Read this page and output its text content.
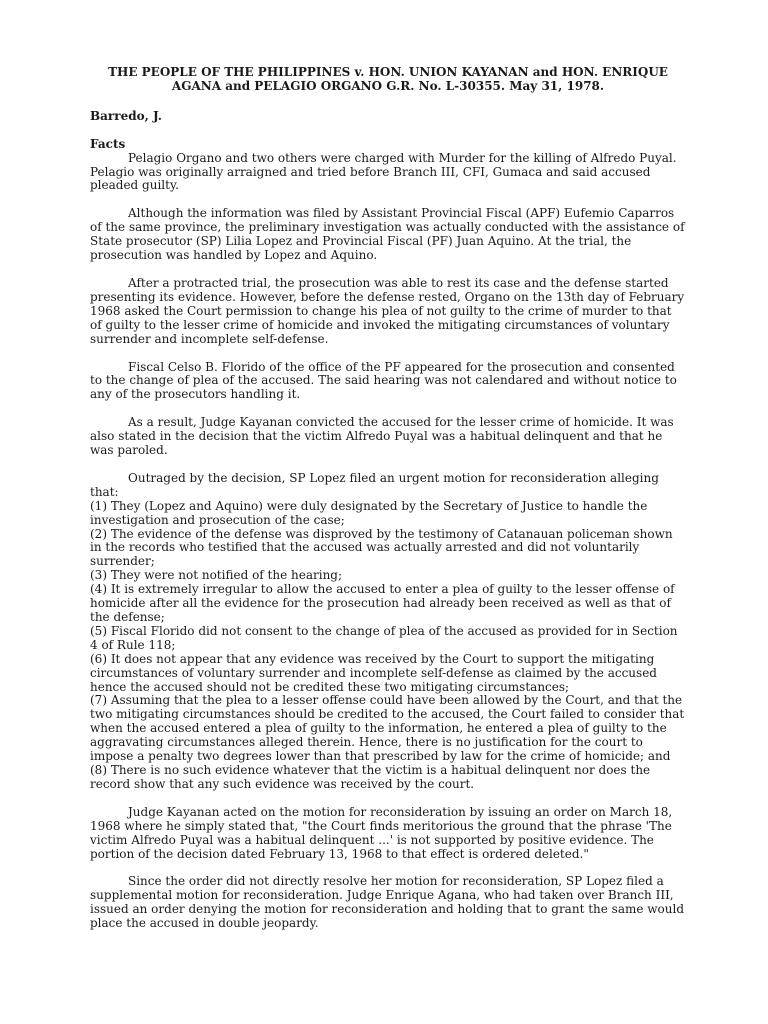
THE PEOPLE OF THE PHILIPPINES v. HON. UNION KAYANAN and HON. ENRIQUE AGANA and PELAGIO ORGANO G.R. No. L-30355. May 31, 1978.
Barredo, J.
Facts

Pelagio Organo and two others were charged with Murder for the killing of Alfredo Puyal. Pelagio was originally arraigned and tried before Branch III, CFI, Gumaca and said accused pleaded guilty.

Although the information was filed by Assistant Provincial Fiscal (APF) Eufemio Caparros of the same province, the preliminary investigation was actually conducted with the assistance of State prosecutor (SP) Lilia Lopez and Provincial Fiscal (PF) Juan Aquino. At the trial, the prosecution was handled by Lopez and Aquino.

After a protracted trial, the prosecution was able to rest its case and the defense started presenting its evidence. However, before the defense rested, Organo on the 13th day of February 1968 asked the Court permission to change his plea of not guilty to the crime of murder to that of guilty to the lesser crime of homicide and invoked the mitigating circumstances of voluntary surrender and incomplete self-defense.

Fiscal Celso B. Florido of the office of the PF appeared for the prosecution and consented to the change of plea of the accused. The said hearing was not calendared and without notice to any of the prosecutors handling it.

As a result, Judge Kayanan convicted the accused for the lesser crime of homicide. It was also stated in the decision that the victim Alfredo Puyal was a habitual delinquent and that he was paroled.

Outraged by the decision, SP Lopez filed an urgent motion for reconsideration alleging that:

(1) They (Lopez and Aquino) were duly designated by the Secretary of Justice to handle the investigation and prosecution of the case;
(2) The evidence of the defense was disproved by the testimony of Catanauan policeman shown in the records who testified that the accused was actually arrested and did not voluntarily surrender;
(3) They were not notified of the hearing;
(4) It is extremely irregular to allow the accused to enter a plea of guilty to the lesser offense of homicide after all the evidence for the prosecution had already been received as well as that of the defense;
(5) Fiscal Florido did not consent to the change of plea of the accused as provided for in Section 4 of Rule 118;
(6) It does not appear that any evidence was received by the Court to support the mitigating circumstances of voluntary surrender and incomplete self-defense as claimed by the accused hence the accused should not be credited these two mitigating circumstances;
(7) Assuming that the plea to a lesser offense could have been allowed by the Court, and that the two mitigating circumstances should be credited to the accused, the Court failed to consider that when the accused entered a plea of guilty to the information, he entered a plea of guilty to the aggravating circumstances alleged therein. Hence, there is no justification for the court to impose a penalty two degrees lower than that prescribed by law for the crime of homicide; and
(8) There is no such evidence whatever that the victim is a habitual delinquent nor does the record show that any such evidence was received by the court.

Judge Kayanan acted on the motion for reconsideration by issuing an order on March 18, 1968 where he simply stated that, "the Court finds meritorious the ground that the phrase 'The victim Alfredo Puyal was a habitual delinquent ...' is not supported by positive evidence. The portion of the decision dated February 13, 1968 to that effect is ordered deleted."

Since the order did not directly resolve her motion for reconsideration, SP Lopez filed a supplemental motion for reconsideration. Judge Enrique Agana, who had taken over Branch III, issued an order denying the motion for reconsideration and holding that to grant the same would place the accused in double jeopardy.
